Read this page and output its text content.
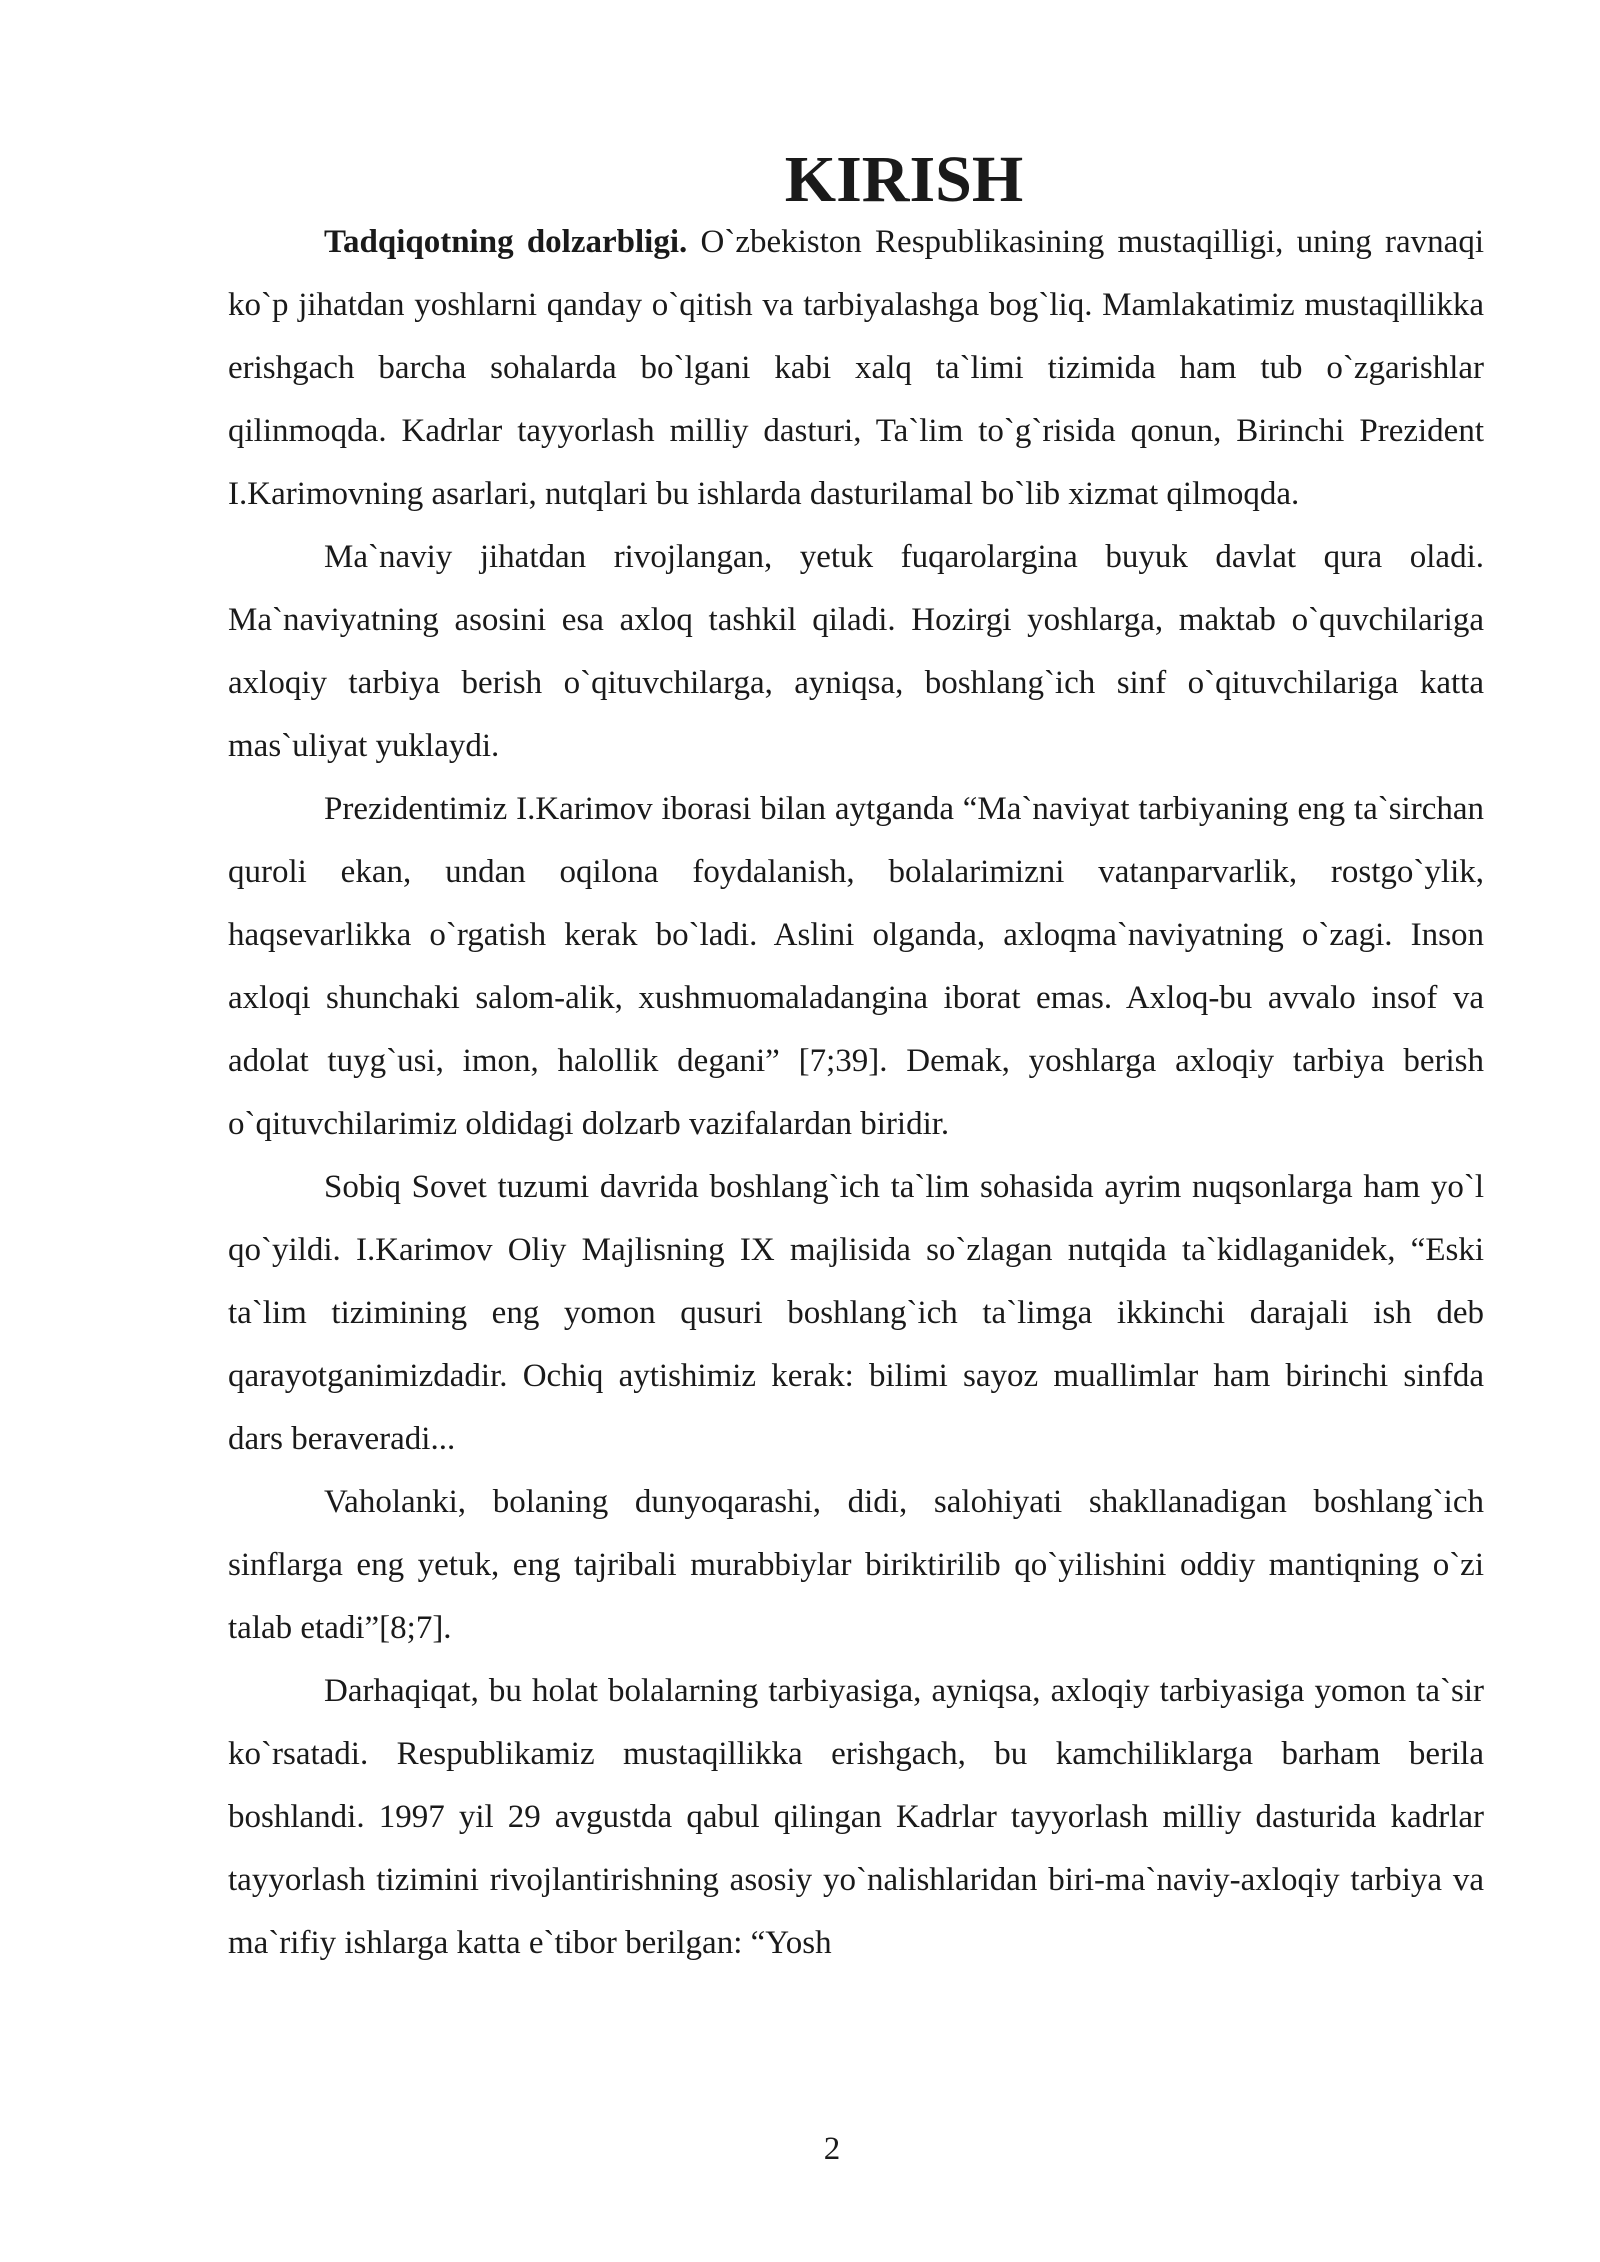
KIRISH

Tadqiqotning dolzarbligi. O`zbekiston Respublikasining mustaqilligi, uning ravnaqi ko`p jihatdan yoshlarni qanday o`qitish va tarbiyalashga bog`liq. Mamlakatimiz mustaqillikka erishgach barcha sohalarda bo`lgani kabi xalq ta`limi tizimida ham tub o`zgarishlar qilinmoqda. Kadrlar tayyorlash milliy dasturi, Ta`lim to`g`risida qonun, Birinchi Prezident I.Karimovning asarlari, nutqlari bu ishlarda dasturilamal bo`lib xizmat qilmoqda.

Ma`naviy jihatdan rivojlangan, yetuk fuqarolargina buyuk davlat qura oladi. Ma`naviyatning asosini esa axloq tashkil qiladi. Hozirgi yoshlarga, maktab o`quvchilariga axloqiy tarbiya berish o`qituvchilarga, ayniqsa, boshlang`ich sinf o`qituvchilariga katta mas`uliyat yuklaydi.

Prezidentimiz I.Karimov iborasi bilan aytganda “Ma`naviyat tarbiyaning eng ta`sirchan quroli ekan, undan oqilona foydalanish, bolalarimizni vatanparvarlik, rostgo`ylik, haqsevarlikka o`rgatish kerak bo`ladi. Aslini olganda, axloqma`naviyatning o`zagi. Inson axloqi shunchaki salom-alik, xushmuomaladangina iborat emas. Axloq-bu avvalo insof va adolat tuyg`usi, imon, halollik degani” [7;39]. Demak, yoshlarga axloqiy tarbiya berish o`qituvchilarimiz oldidagi dolzarb vazifalardan biridir.

Sobiq Sovet tuzumi davrida boshlang`ich ta`lim sohasida ayrim nuqsonlarga ham yo`l qo`yildi. I.Karimov Oliy Majlisning IX majlisida so`zlagan nutqida ta`kidlaganidek, “Eski ta`lim tizimining eng yomon qusuri boshlang`ich ta`limga ikkinchi darajali ish deb qarayotganimizdadir. Ochiq aytishimiz kerak: bilimi sayoz muallimlar ham birinchi sinfda dars beraveradi...

Vaholanki, bolaning dunyoqarashi, didi, salohiyati shakllanadigan boshlang`ich sinflarga eng yetuk, eng tajribali murabbiylar biriktirilib qo`yilishini oddiy mantiqning o`zi talab etadi”[8;7].

Darhaqiqat, bu holat bolalarning tarbiyasiga, ayniqsa, axloqiy tarbiyasiga yomon ta`sir ko`rsatadi. Respublikamiz mustaqillikka erishgach, bu kamchiliklarga barham berila boshlandi. 1997 yil 29 avgustda qabul qilingan Kadrlar tayyorlash milliy dasturida kadrlar tayyorlash tizimini rivojlantirishning asosiy yo`nalishlaridan biri-ma`naviy-axloqiy tarbiya va ma`rifiy ishlarga katta e`tibor berilgan: “Yosh

2
